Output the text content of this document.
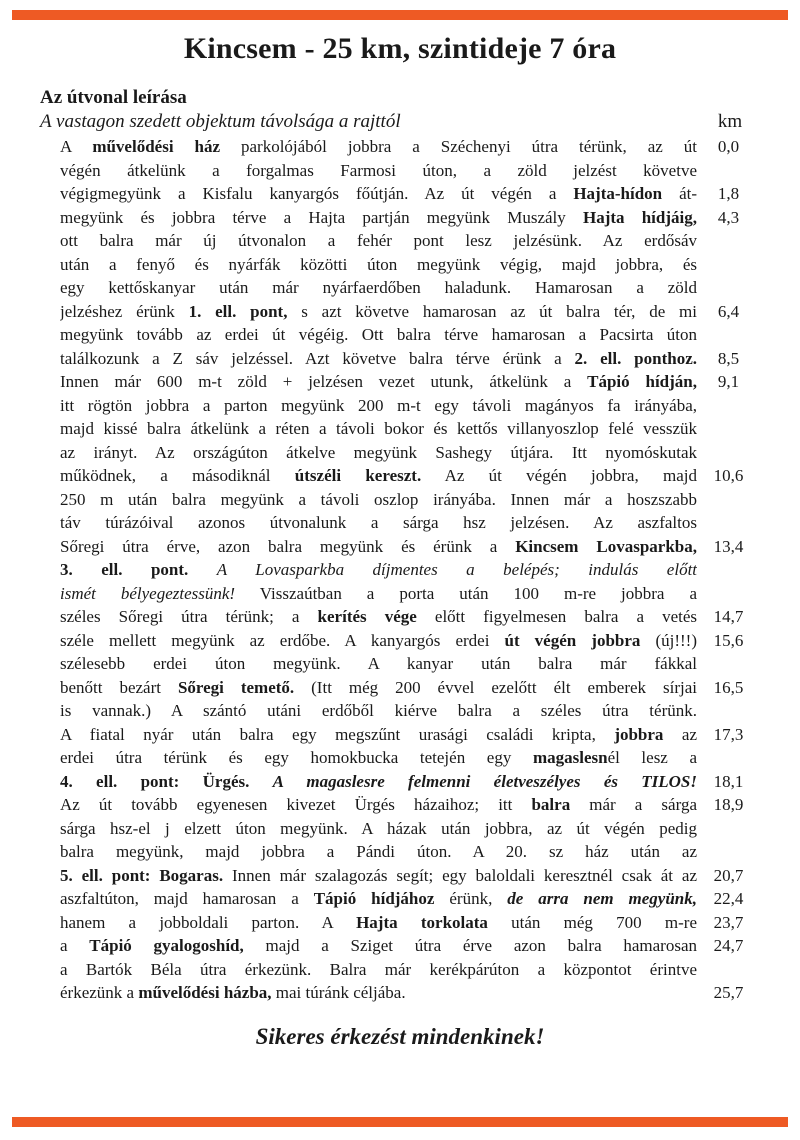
Kincsem - 25 km, szintideje 7 óra
Az útvonal leírása
A vastagon szedett objektum távolsága a rajttól	km
A művelődési ház parkolójából jobbra a Széchenyi útra térünk, az út	0,0
végén átkelünk a forgalmas Farmosi úton, a zöld jelzést követve
végigmegyünk a Kisfalu kanyargós főútján. Az út végén a Hajta-hídon át-	1,8
megyünk és jobbra térve a Hajta partján megyünk Muszály Hajta hídjáig,	4,3
ott balra már új útvonalon a fehér pont lesz jelzésünk. Az erdősáv
után a fenyő és nyárfák közötti úton megyünk végig, majd jobbra, és
egy kettőskanyar után már nyárfaerdőben haladunk. Hamarosan a zöld
jelzéshez érünk 1. ell. pont, s azt követve hamarosan az út balra tér, de mi	6,4
megyünk tovább az erdei út végéig. Ott balra térve hamarosan a Pacsirta úton
találkozunk a Z sáv jelzéssel. Azt követve balra térve érünk a 2. ell. ponthoz.	8,5
Innen már 600 m-t zöld + jelzésen vezet utunk, átkelünk a Tápió hídján,	9,1
itt rögtön jobbra a parton megyünk 200 m-t egy távoli magányos fa irányába,
majd kissé balra átkelünk a réten a távoli bokor és kettős villanyoszlop felé vesszük
az irányt. Az országúton átkelve megyünk Sashegy útjára. Itt nyomóskutak
működnek, a másodiknál útszéli kereszt. Az út végén jobbra, majd 10,6
250 m után balra megyünk a távoli oszlop irányába. Innen már a hoszszabb
táv túrázóival azonos útvonalunk a sárga hsz jelzésen. Az aszfaltos
Sőregi útra érve, azon balra megyünk és érünk a Kincsem Lovasparkba, 13,4
3. ell. pont. A Lovasparkba díjmentes a belépés; indulás előtt
ismét bélyegeztessünk! Visszaútban a porta után 100 m-re jobbra a
széles Sőregi útra térünk; a kerítés vége előtt figyelmesen balra a vetés 14,7
széle mellett megyünk az erdőbe. A kanyargós erdei út végén jobbra (új!!!) 15,6
szélesebb erdei úton megyünk. A kanyar után balra már fákkal
benőtt bezárt Sőregi temető. (Itt még 200 évvel ezelőtt élt emberek sírjai 16,5
is vannak.) A szántó utáni erdőből kiérve balra a széles útra térünk.
A fiatal nyár után balra egy megszűnt urasági családi kripta, jobbra az 17,3
erdei útra térünk és egy homokbucka tetején egy magaslesnél lesz a
4. ell. pont: Ürgés. A magaslesre felmenni életveszélyes és TILOS! 18,1
Az út tovább egyenesen kivezet Ürgés házaihoz; itt balra már a sárga 18,9
sárga hsz-el j elzett úton megyünk. A házak után jobbra, az út végén pedig
balra megyünk, majd jobbra a Pándi úton. A 20. sz ház után az
5. ell. pont: Bogaras. Innen már szalagozás segít; egy baloldali keresztnél csak át az 20,7
aszfaltúton, majd hamarosan a Tápió hídjához érünk, de arra nem megyünk, 22,4
hanem a jobboldali parton. A Hajta torkolata után még 700 m-re 23,7
a Tápió gyalogoshíd, majd a Sziget útra érve azon balra hamarosan 24,7
a Bartók Béla útra érkezünk. Balra már kerékpárúton a központot érintve
érkezünk a művelődési házba, mai túránk céljába.	25,7
Sikeres érkezést mindenkinek!
